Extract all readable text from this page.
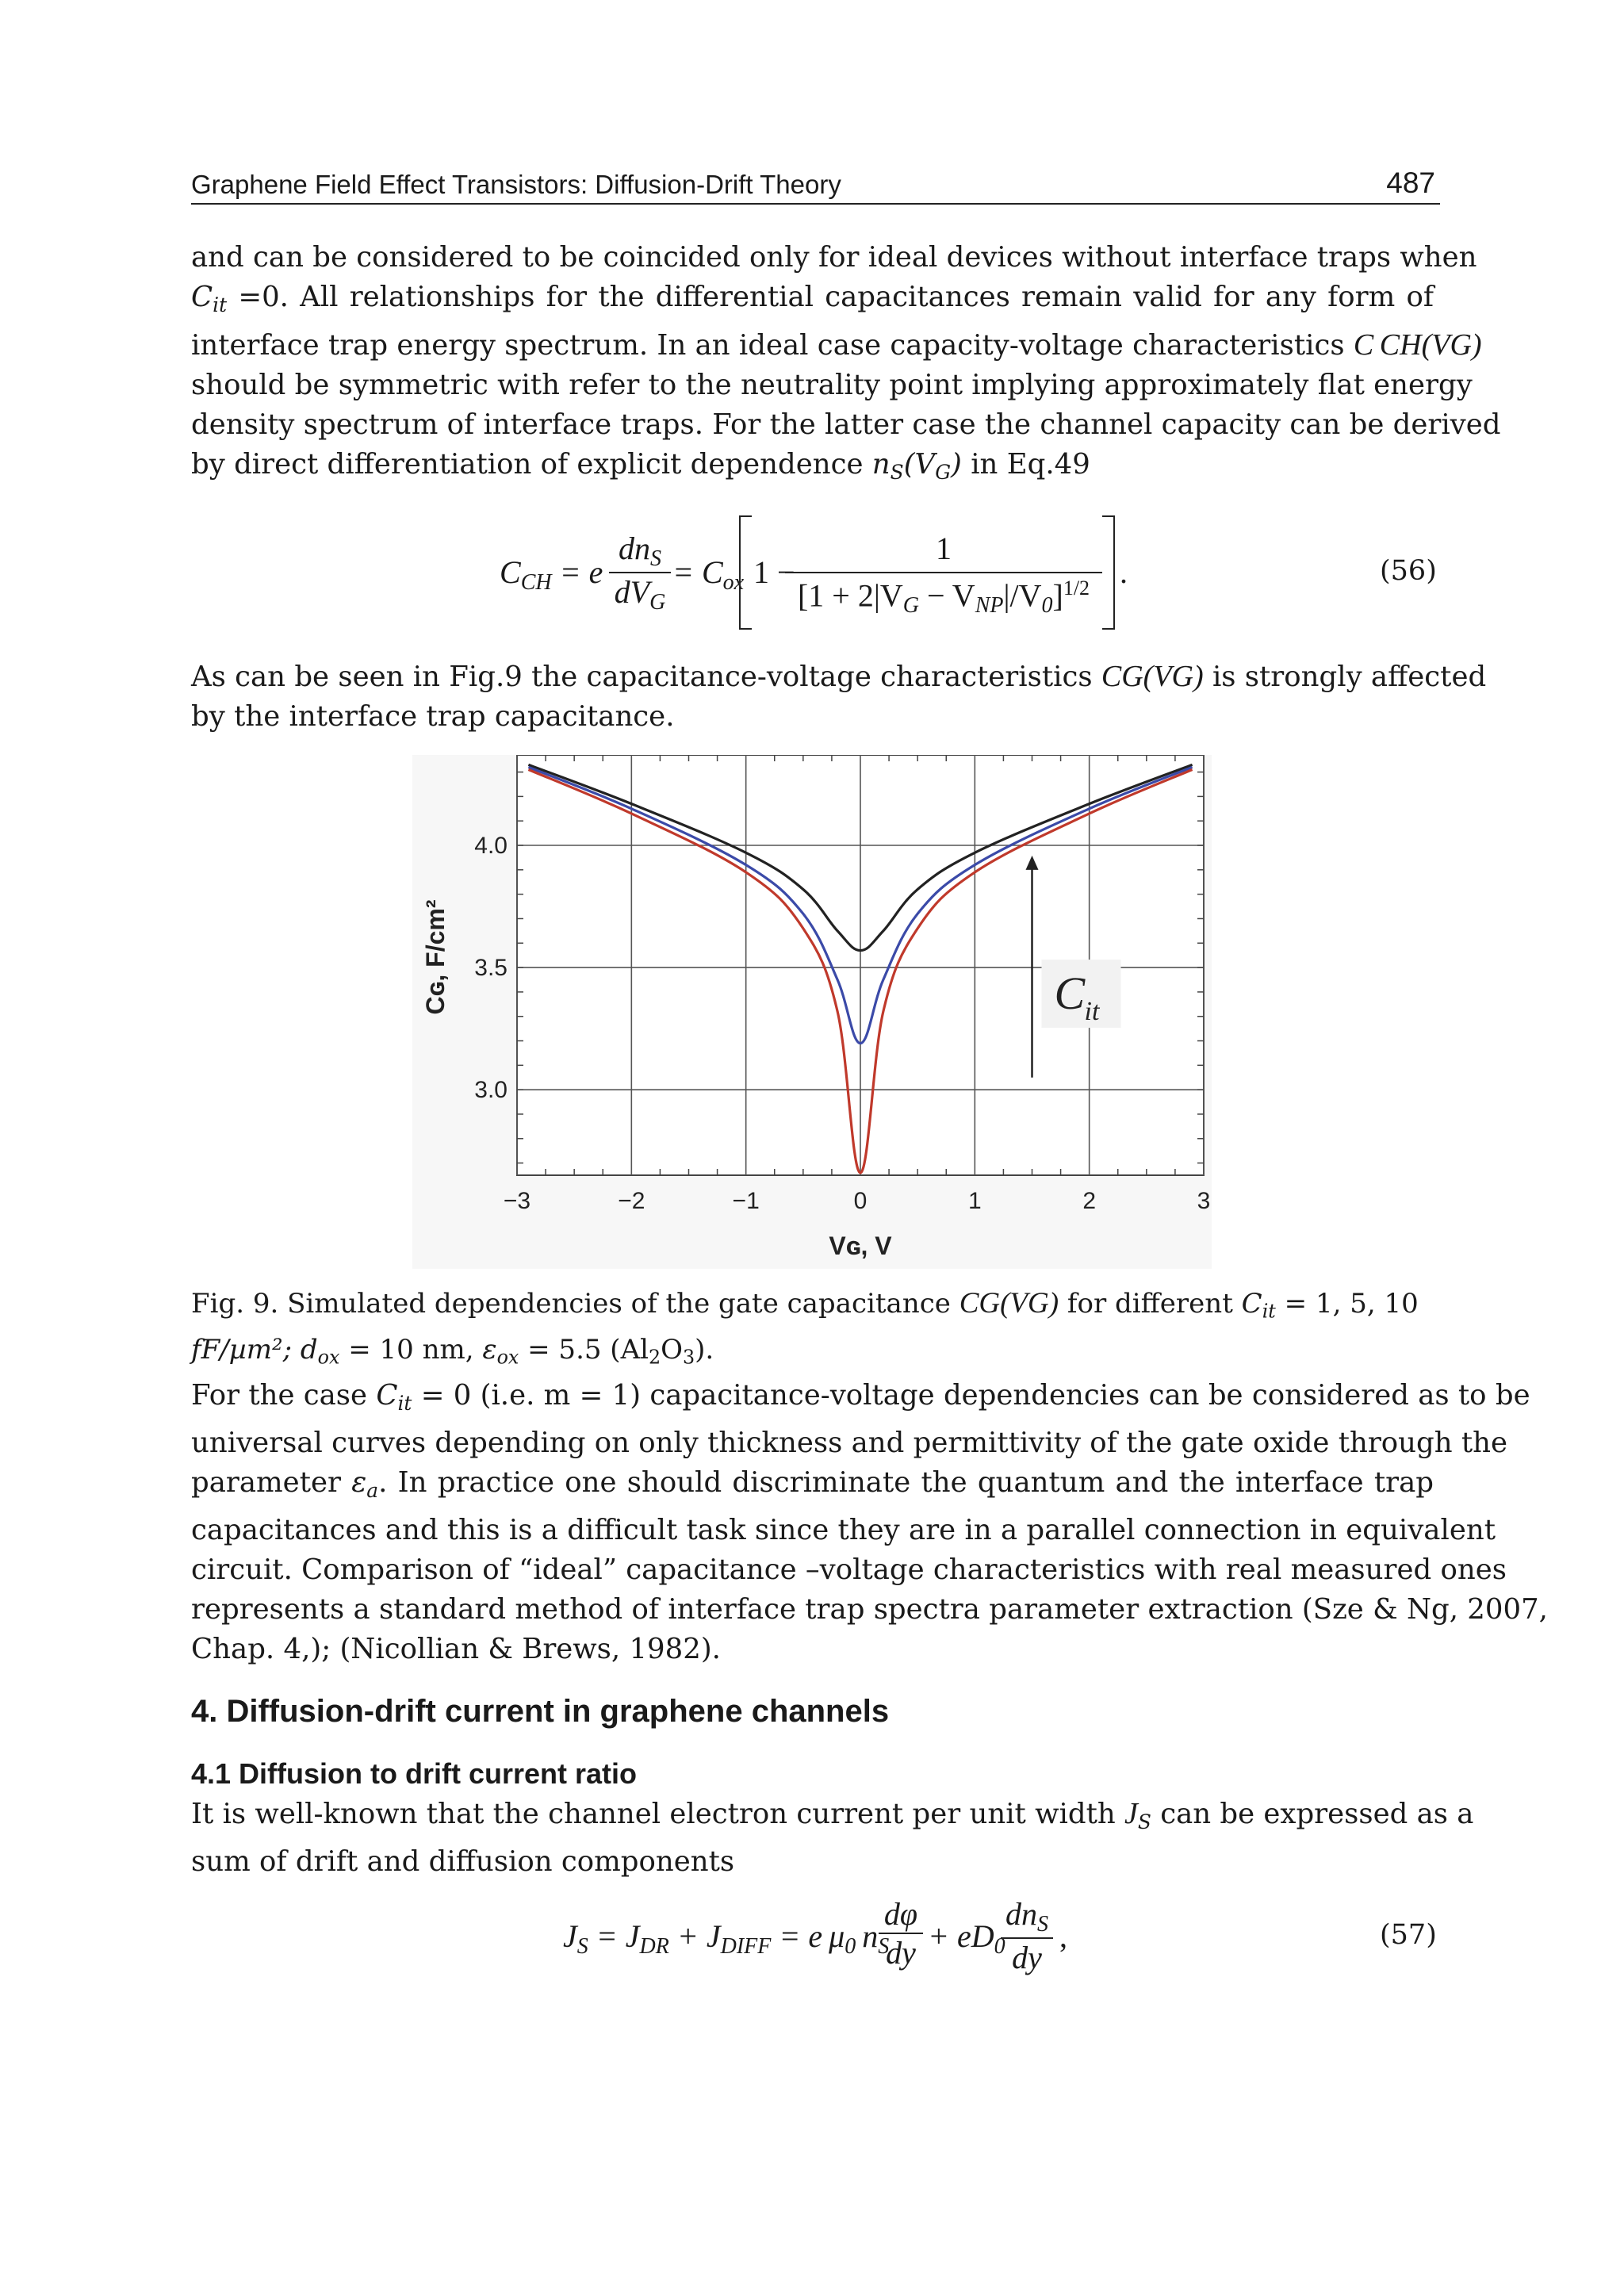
Graphene Field Effect Transistors: Diffusion-Drift Theory	487
and can be considered to be coincided only for ideal devices without interface traps when
$C_{it} =0$. All relationships for the differential capacitances remain valid for any form of
interface trap energy spectrum. In an ideal case capacity-voltage characteristics C CH(VG)
should be symmetric with refer to the neutrality point implying approximately flat energy
density spectrum of interface traps. For the latter case the channel capacity can be derived
by direct differentiation of explicit dependence $n_S(V_G)$ in Eq.49
$C_{CH} = e$
$dn_S$
$dV_G$
= $C_{ox}$ 1 −
1
$[1 + 2|V_G - V_{NP}|/V_0]^{1/2}$ .	(56)
As can be seen in Fig.9 the capacitance-voltage characteristics CG(VG) is strongly affected
by the interface trap capacitance.
−3	−2	−1	0	1	2	3
3.0
3.5
4.0
Vɢ, V
Cɢ, F/cm²	C it
Fig. 9. Simulated dependencies of the gate capacitance CG(VG) for different $C_{it} = 1$, 5, 10
fF/µm²; $d_{ox} = 10$ nm, $\varepsilon_{ox} = 5.5$ $(Al_2O_3)$.
For the case $C_{it} = 0$ (i.e. m = 1) capacitance-voltage dependencies can be considered as to be
universal curves depending on only thickness and permittivity of the gate oxide through the
parameter $\varepsilon_a$. In practice one should discriminate the quantum and the interface trap
capacitances and this is a difficult task since they are in a parallel connection in equivalent
circuit. Comparison of “ideal” capacitance –voltage characteristics with real measured ones
represents a standard method of interface trap spectra parameter extraction (Sze & Ng, 2007,
Chap. 4,); (Nicollian & Brews, 1982).
4. Diffusion-drift current in graphene channels
4.1 Diffusion to drift current ratio
It is well-known that the channel electron current per unit width $J_S$ can be expressed as a
sum of drift and diffusion components
$J_S = J_{DR} + J_{DIFF} = e$ $\mu_0$ $n_S$
dφ
dy + $eD_0$
$dn_S$
dy
,	(57)
